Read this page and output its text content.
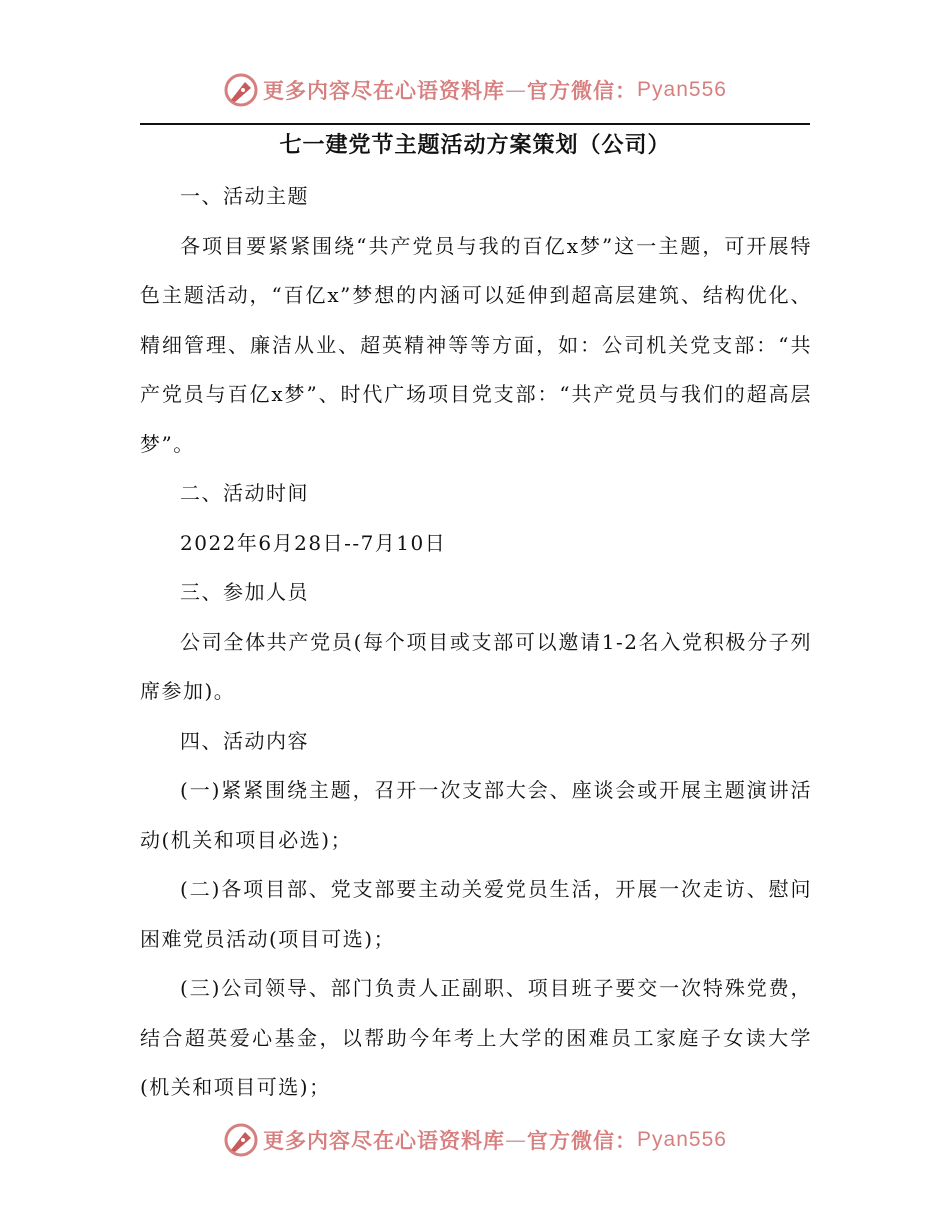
更多内容尽在心语资料库 — 官方微信： Pyan556
七一建党节主题活动方案策划（公司）

一、活动主题

各项目要紧紧围绕“共产党员与我的百亿x梦”这一主题，可开展特色主题活动，“百亿x”梦想的内涵可以延伸到超高层建筑、结构优化、精细管理、廉洁从业、超英精神等等方面，如：公司机关党支部：“共产党员与百亿x梦”、时代广场项目党支部：“共产党员与我们的超高层梦”。

二、活动时间

2022年6月28日--7月10日

三、参加人员

公司全体共产党员(每个项目或支部可以邀请1-2名入党积极分子列席参加)。

四、活动内容

(一)紧紧围绕主题，召开一次支部大会、座谈会或开展主题演讲活动(机关和项目必选)；

(二)各项目部、党支部要主动关爱党员生活，开展一次走访、慰问困难党员活动(项目可选)；

(三)公司领导、部门负责人正副职、项目班子要交一次特殊党费，结合超英爱心基金，以帮助今年考上大学的困难员工家庭子女读大学(机关和项目可选)；

更多内容尽在心语资料库 — 官方微信： Pyan556
